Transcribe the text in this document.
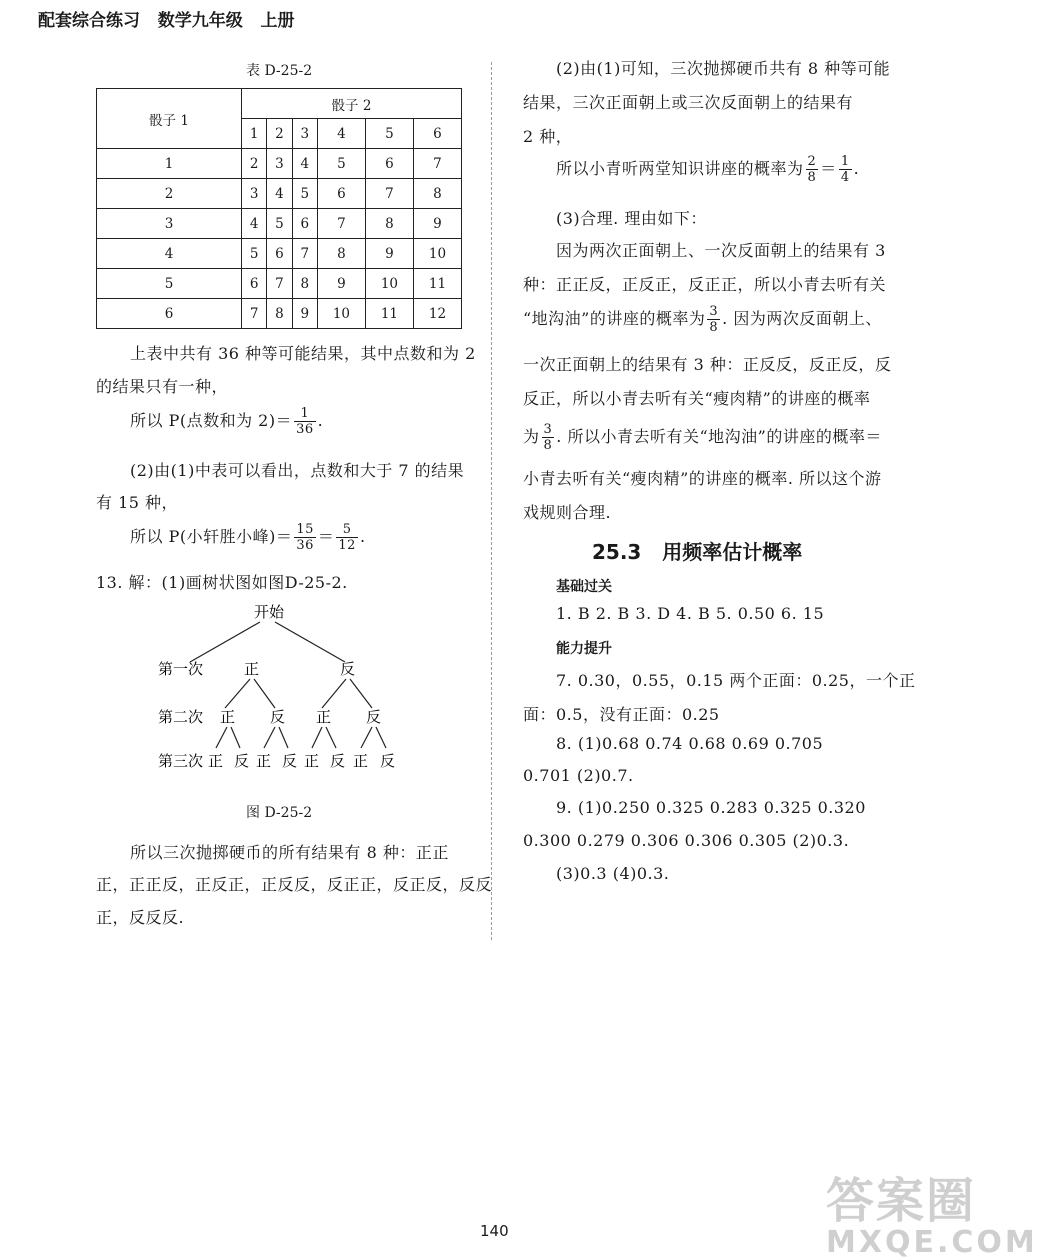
配套综合练习   数学九年级   上册
表 D-25-2
骰子 1	骰子 2					
	1	2	3	4	5	6
1	2	3	4	5	6	7
2	3	4	5	6	7	8
3	4	5	6	7	8	9
4	5	6	7	8	9	10
5	6	7	8	9	10	11
6	7	8	9	10	11	12
上表中共有 36 种等可能结果，其中点数和为 2
的结果只有一种，
所以 P(点数和为 $2)= \frac{1}{36}$ .
(2)由(1)中表可以看出，点数和大于 7 的结果
有 15 种，
所以 P(小轩胜小峰)＝ $\frac{15}{36} = \frac{5}{12}$ .
13. 解：(1)画树状图如图D-25-2.
开始
第一次
第二次
第三次
正	反
正 反 正 反
正 反 正 反 正 反 正 反
图 D-25-2
所以三次抛掷硬币的所有结果有 8 种：正正
正，正正反，正反正，正反反，反正正，反正反，反反
正，反反反.
(2)由(1)可知，三次抛掷硬币共有 8 种等可能
结果，三次正面朝上或三次反面朝上的结果有
2 种，
所以小青听两堂知识讲座的概率为 $\frac{2}{8} = \frac{1}{4}$ .
(3)合理. 理由如下：
因为两次正面朝上、一次反面朝上的结果有 3
种：正正反，正反正，反正正，所以小青去听有关
“地沟油”的讲座的概率为 $\frac{3}{8}$ . 因为两次反面朝上、
一次正面朝上的结果有 3 种：正反反，反正反，反
反正，所以小青去听有关“瘦肉精”的讲座的概率
为 $\frac{3}{8}$ . 所以小青去听有关“地沟油”的讲座的概率＝
小青去听有关“瘦肉精”的讲座的概率. 所以这个游
戏规则合理.
25.3   用频率估计概率
基础过关
1. B 2. B 3. D 4. B 5. 0.50 6. 15
能力提升
7. 0.30，0.55，0.15 两个正面：0.25，一个正
面：0.5，没有正面：0.25
8. (1)0.68 0.74 0.68 0.69 0.705
0.701 (2)0.7.
9. (1)0.250 0.325 0.283 0.325 0.320
0.300 0.279 0.306 0.306 0.305 (2)0.3.
(3)0.3 (4)0.3.
140
答案圈
MXQE.COM
